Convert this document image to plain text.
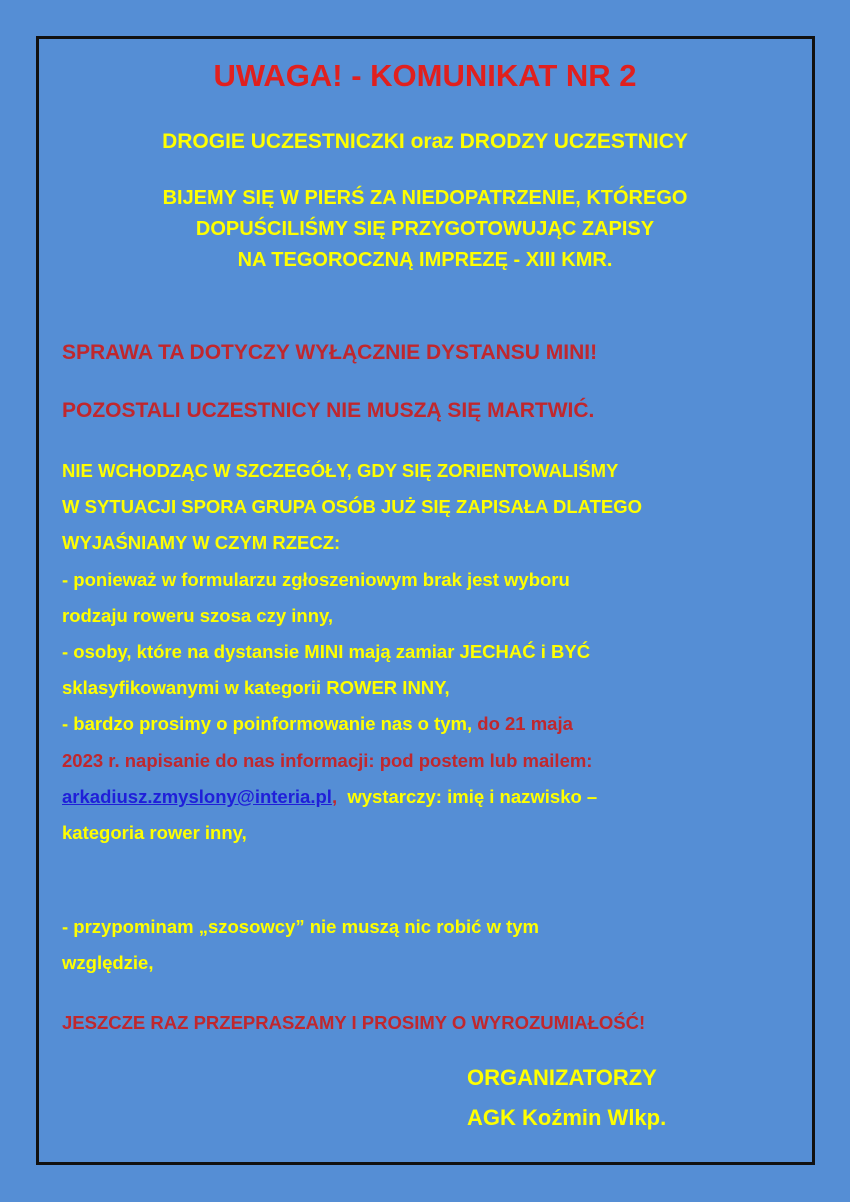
UWAGA! - KOMUNIKAT NR 2

DROGIE UCZESTNICZKI oraz DRODZY UCZESTNICY

BIJEMY SIĘ W PIERŚ ZA NIEDOPATRZENIE, KTÓREGO
DOPUŚCILIŚMY SIĘ PRZYGOTOWUJĄC ZAPISY
NA TEGOROCZNĄ IMPREZĘ - XIII KMR.

SPRAWA TA DOTYCZY WYŁĄCZNIE DYSTANSU MINI!

POZOSTALI UCZESTNICY NIE MUSZĄ SIĘ MARTWIĆ.

NIE WCHODZĄC W SZCZEGÓŁY, GDY SIĘ ZORIENTOWALIŚMY
W SYTUACJI SPORA GRUPA OSÓB JUŻ SIĘ ZAPISAŁA DLATEGO
WYJAŚNIAMY W CZYM RZECZ:
- ponieważ w formularzu zgłoszeniowym brak jest wyboru
rodzaju roweru szosa czy inny,
- osoby, które na dystansie MINI mają zamiar JECHAĆ i BYĆ
sklasyfikowanymi w kategorii ROWER INNY,
- bardzo prosimy o poinformowanie nas o tym, do 21 maja
2023 r. napisanie do nas informacji: pod postem lub mailem:
arkadiusz.zmyslony@interia.pl,  wystarczy: imię i nazwisko –
kategoria rower inny,
- przypominam „szosowcy” nie muszą nic robić w tym
względzie,

JESZCZE RAZ PRZEPRASZAMY I PROSIMY O WYROZUMIAŁOŚĆ!

ORGANIZATORZY
AGK Koźmin Wlkp.
